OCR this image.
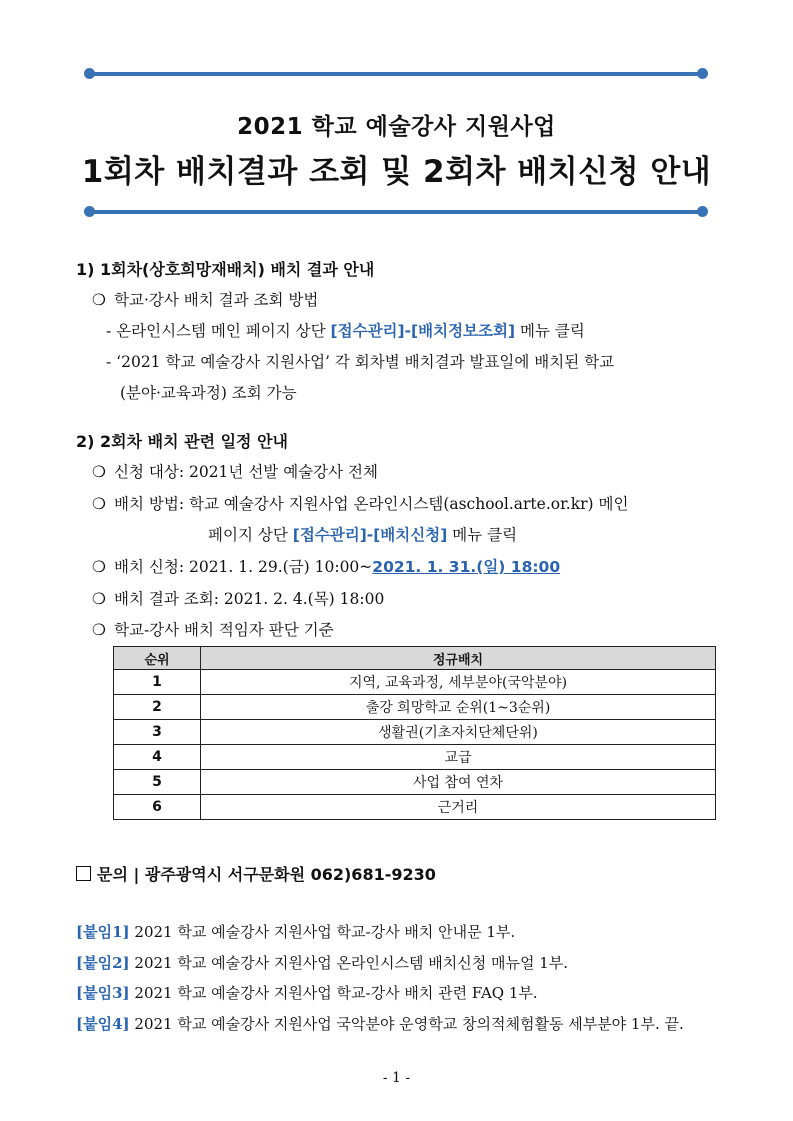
2021 학교 예술강사 지원사업
1회차 배치결과 조회 및 2회차 배치신청 안내
1) 1회차(상호희망재배치) 배치 결과 안내
❍ 학교·강사 배치 결과 조회 방법
- 온라인시스템 메인 페이지 상단 [접수관리]-[배치정보조회] 메뉴 클릭
- ‘2021 학교 예술강사 지원사업’ 각 회차별 배치결과 발표일에 배치된 학교
(분야·교육과정) 조회 가능
2) 2회차 배치 관련 일정 안내
❍ 신청 대상: 2021년 선발 예술강사 전체
❍ 배치 방법: 학교 예술강사 지원사업 온라인시스템(aschool.arte.or.kr) 메인
페이지 상단 [접수관리]-[배치신청] 메뉴 클릭
❍ 배치 신청: 2021. 1. 29.(금) 10:00~2021. 1. 31.(일) 18:00
❍ 배치 결과 조회: 2021. 2. 4.(목) 18:00
❍ 학교-강사 배치 적임자 판단 기준
순위	정규배치
1	지역, 교육과정, 세부분야(국악분야)
2	출강 희망학교 순위(1~3순위)
3	생활권(기초자치단체단위)
4	교급
5	사업 참여 연차
6	근거리
문의 | 광주광역시 서구문화원 062)681-9230
[붙임1] 2021 학교 예술강사 지원사업 학교-강사 배치 안내문 1부.
[붙임2] 2021 학교 예술강사 지원사업 온라인시스템 배치신청 매뉴얼 1부.
[붙임3] 2021 학교 예술강사 지원사업 학교-강사 배치 관련 FAQ 1부.
[붙임4] 2021 학교 예술강사 지원사업 국악분야 운영학교 창의적체험활동 세부분야 1부. 끝.
- 1 -
